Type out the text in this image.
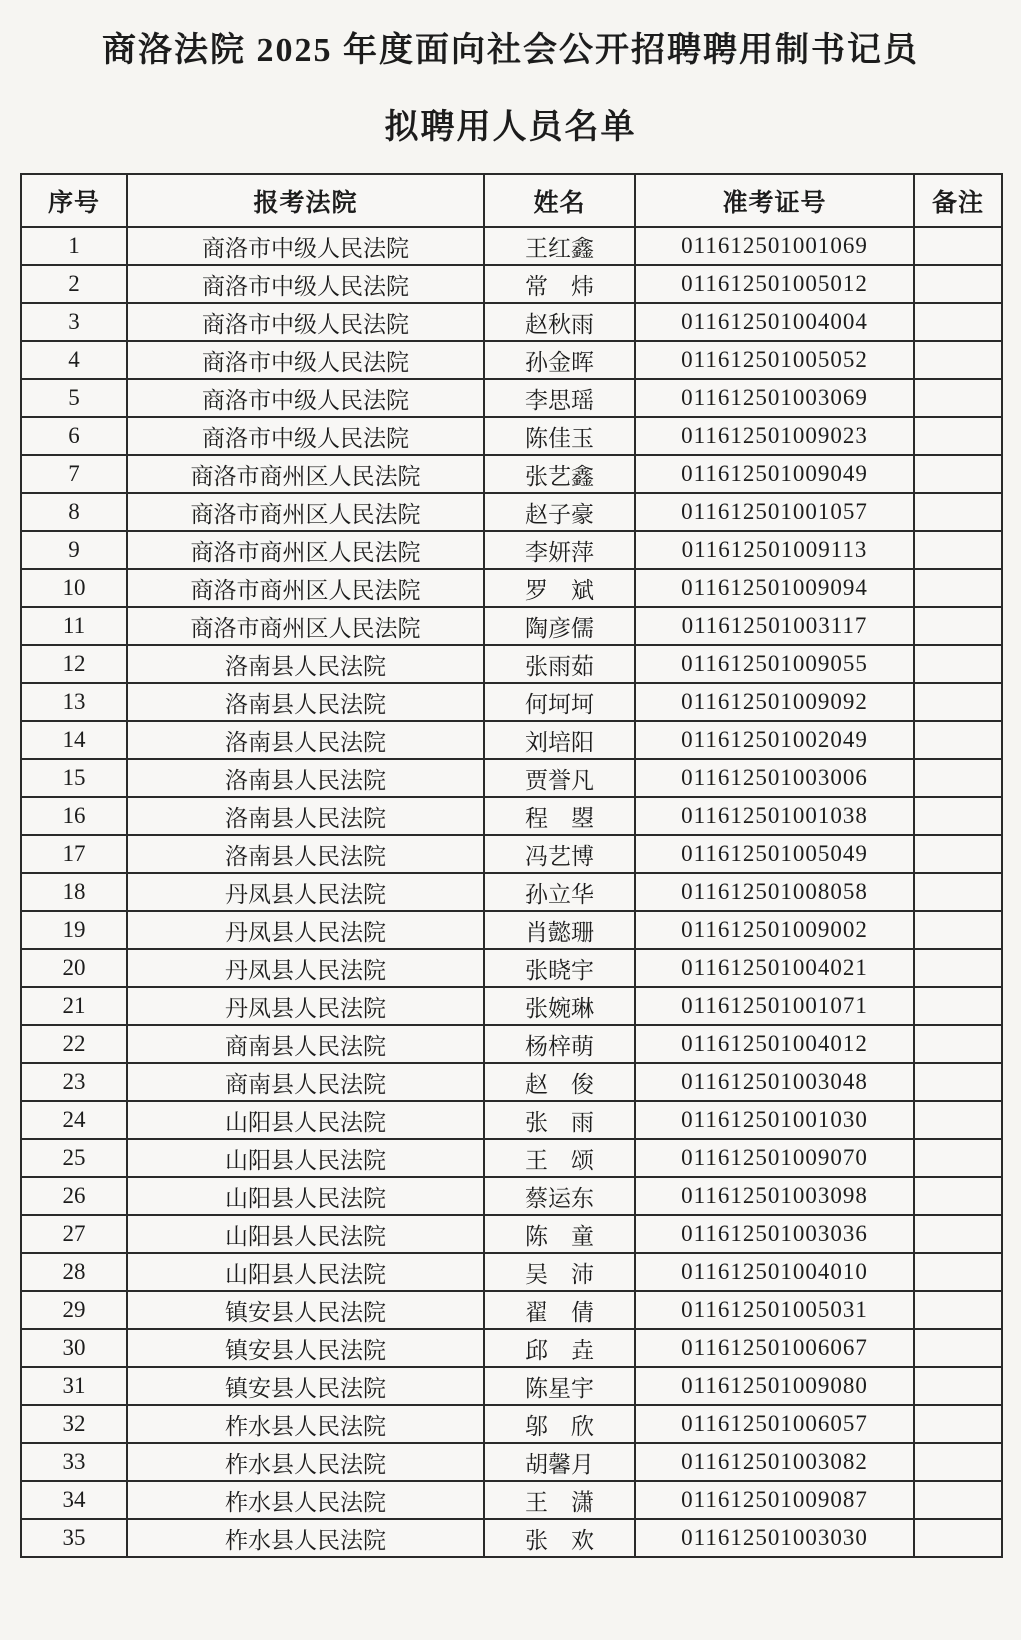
商洛法院 2025 年度面向社会公开招聘聘用制书记员
拟聘用人员名单
序号	报考法院	姓名	准考证号	备注
1	商洛市中级人民法院	王红鑫	011612501001069	
2	商洛市中级人民法院	常　炜	011612501005012	
3	商洛市中级人民法院	赵秋雨	011612501004004	
4	商洛市中级人民法院	孙金晖	011612501005052	
5	商洛市中级人民法院	李思瑶	011612501003069	
6	商洛市中级人民法院	陈佳玉	011612501009023	
7	商洛市商州区人民法院	张艺鑫	011612501009049	
8	商洛市商州区人民法院	赵子豪	011612501001057	
9	商洛市商州区人民法院	李妍萍	011612501009113	
10	商洛市商州区人民法院	罗　斌	011612501009094	
11	商洛市商州区人民法院	陶彦儒	011612501003117	
12	洛南县人民法院	张雨茹	011612501009055	
13	洛南县人民法院	何坷坷	011612501009092	
14	洛南县人民法院	刘培阳	011612501002049	
15	洛南县人民法院	贾誉凡	011612501003006	
16	洛南县人民法院	程　曌	011612501001038	
17	洛南县人民法院	冯艺博	011612501005049	
18	丹凤县人民法院	孙立华	011612501008058	
19	丹凤县人民法院	肖懿珊	011612501009002	
20	丹凤县人民法院	张晓宇	011612501004021	
21	丹凤县人民法院	张婉琳	011612501001071	
22	商南县人民法院	杨梓萌	011612501004012	
23	商南县人民法院	赵　俊	011612501003048	
24	山阳县人民法院	张　雨	011612501001030	
25	山阳县人民法院	王　颂	011612501009070	
26	山阳县人民法院	蔡运东	011612501003098	
27	山阳县人民法院	陈　童	011612501003036	
28	山阳县人民法院	吴　沛	011612501004010	
29	镇安县人民法院	翟　倩	011612501005031	
30	镇安县人民法院	邱　垚	011612501006067	
31	镇安县人民法院	陈星宇	011612501009080	
32	柞水县人民法院	邬　欣	011612501006057	
33	柞水县人民法院	胡馨月	011612501003082	
34	柞水县人民法院	王　潇	011612501009087	
35	柞水县人民法院	张　欢	011612501003030	
